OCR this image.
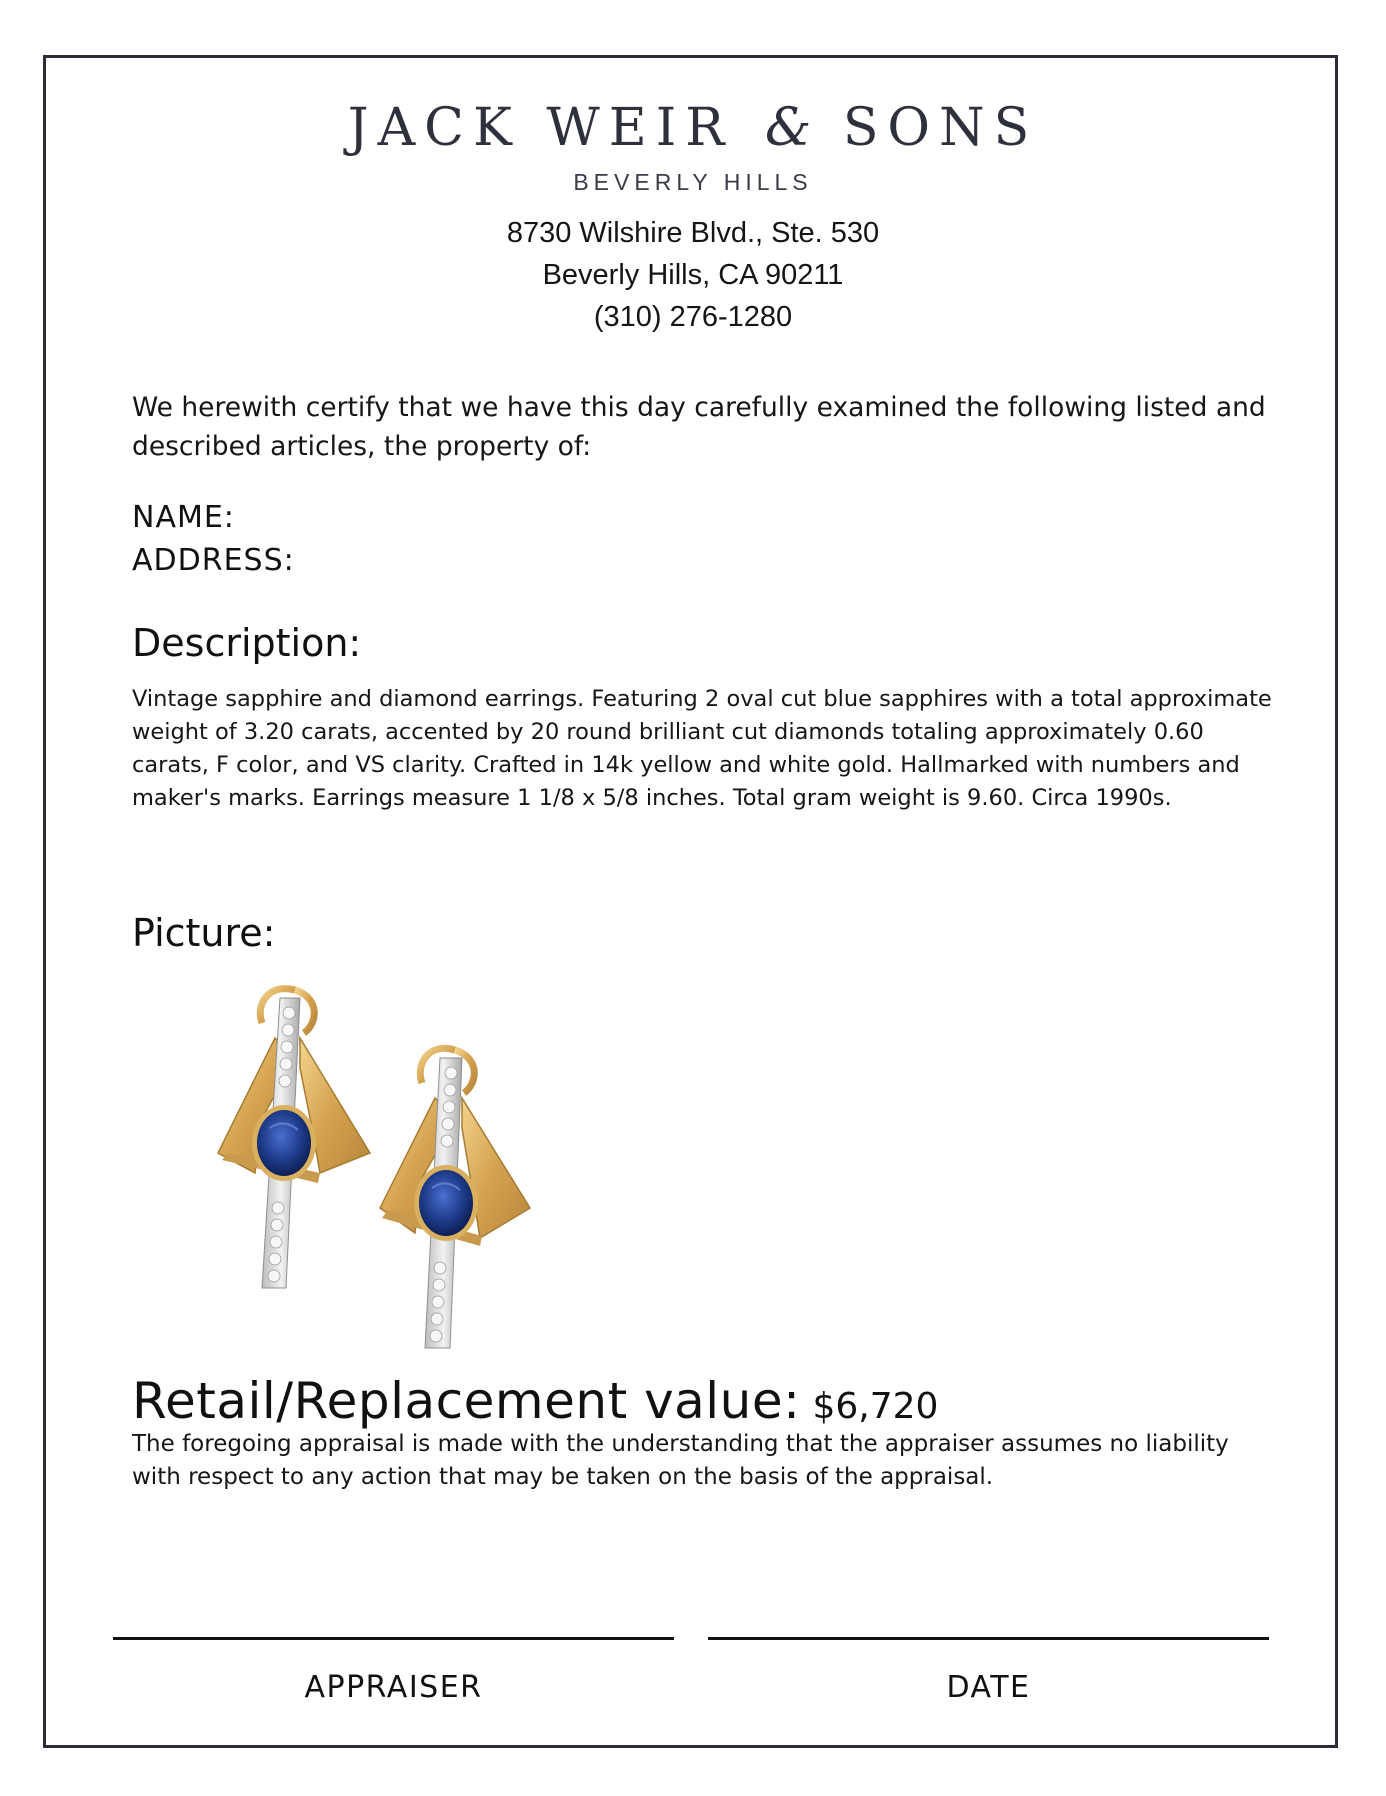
JACK WEIR & SONS
BEVERLY HILLS
8730 Wilshire Blvd., Ste. 530
Beverly Hills, CA 90211
(310) 276-1280
We herewith certify that we have this day carefully examined the following listed and described articles, the property of:
NAME:
ADDRESS:
Description:
Vintage sapphire and diamond earrings. Featuring 2 oval cut blue sapphires with a total approximate weight of 3.20 carats, accented by 20 round brilliant cut diamonds totaling approximately 0.60 carats, F color, and VS clarity. Crafted in 14k yellow and white gold. Hallmarked with numbers and maker's marks. Earrings measure 1 1/8 x 5/8 inches. Total gram weight is 9.60. Circa 1990s.
Picture:
Retail/Replacement value: $6,720
The foregoing appraisal is made with the understanding that the appraiser assumes no liability with respect to any action that may be taken on the basis of the appraisal.
APPRAISER	DATE
